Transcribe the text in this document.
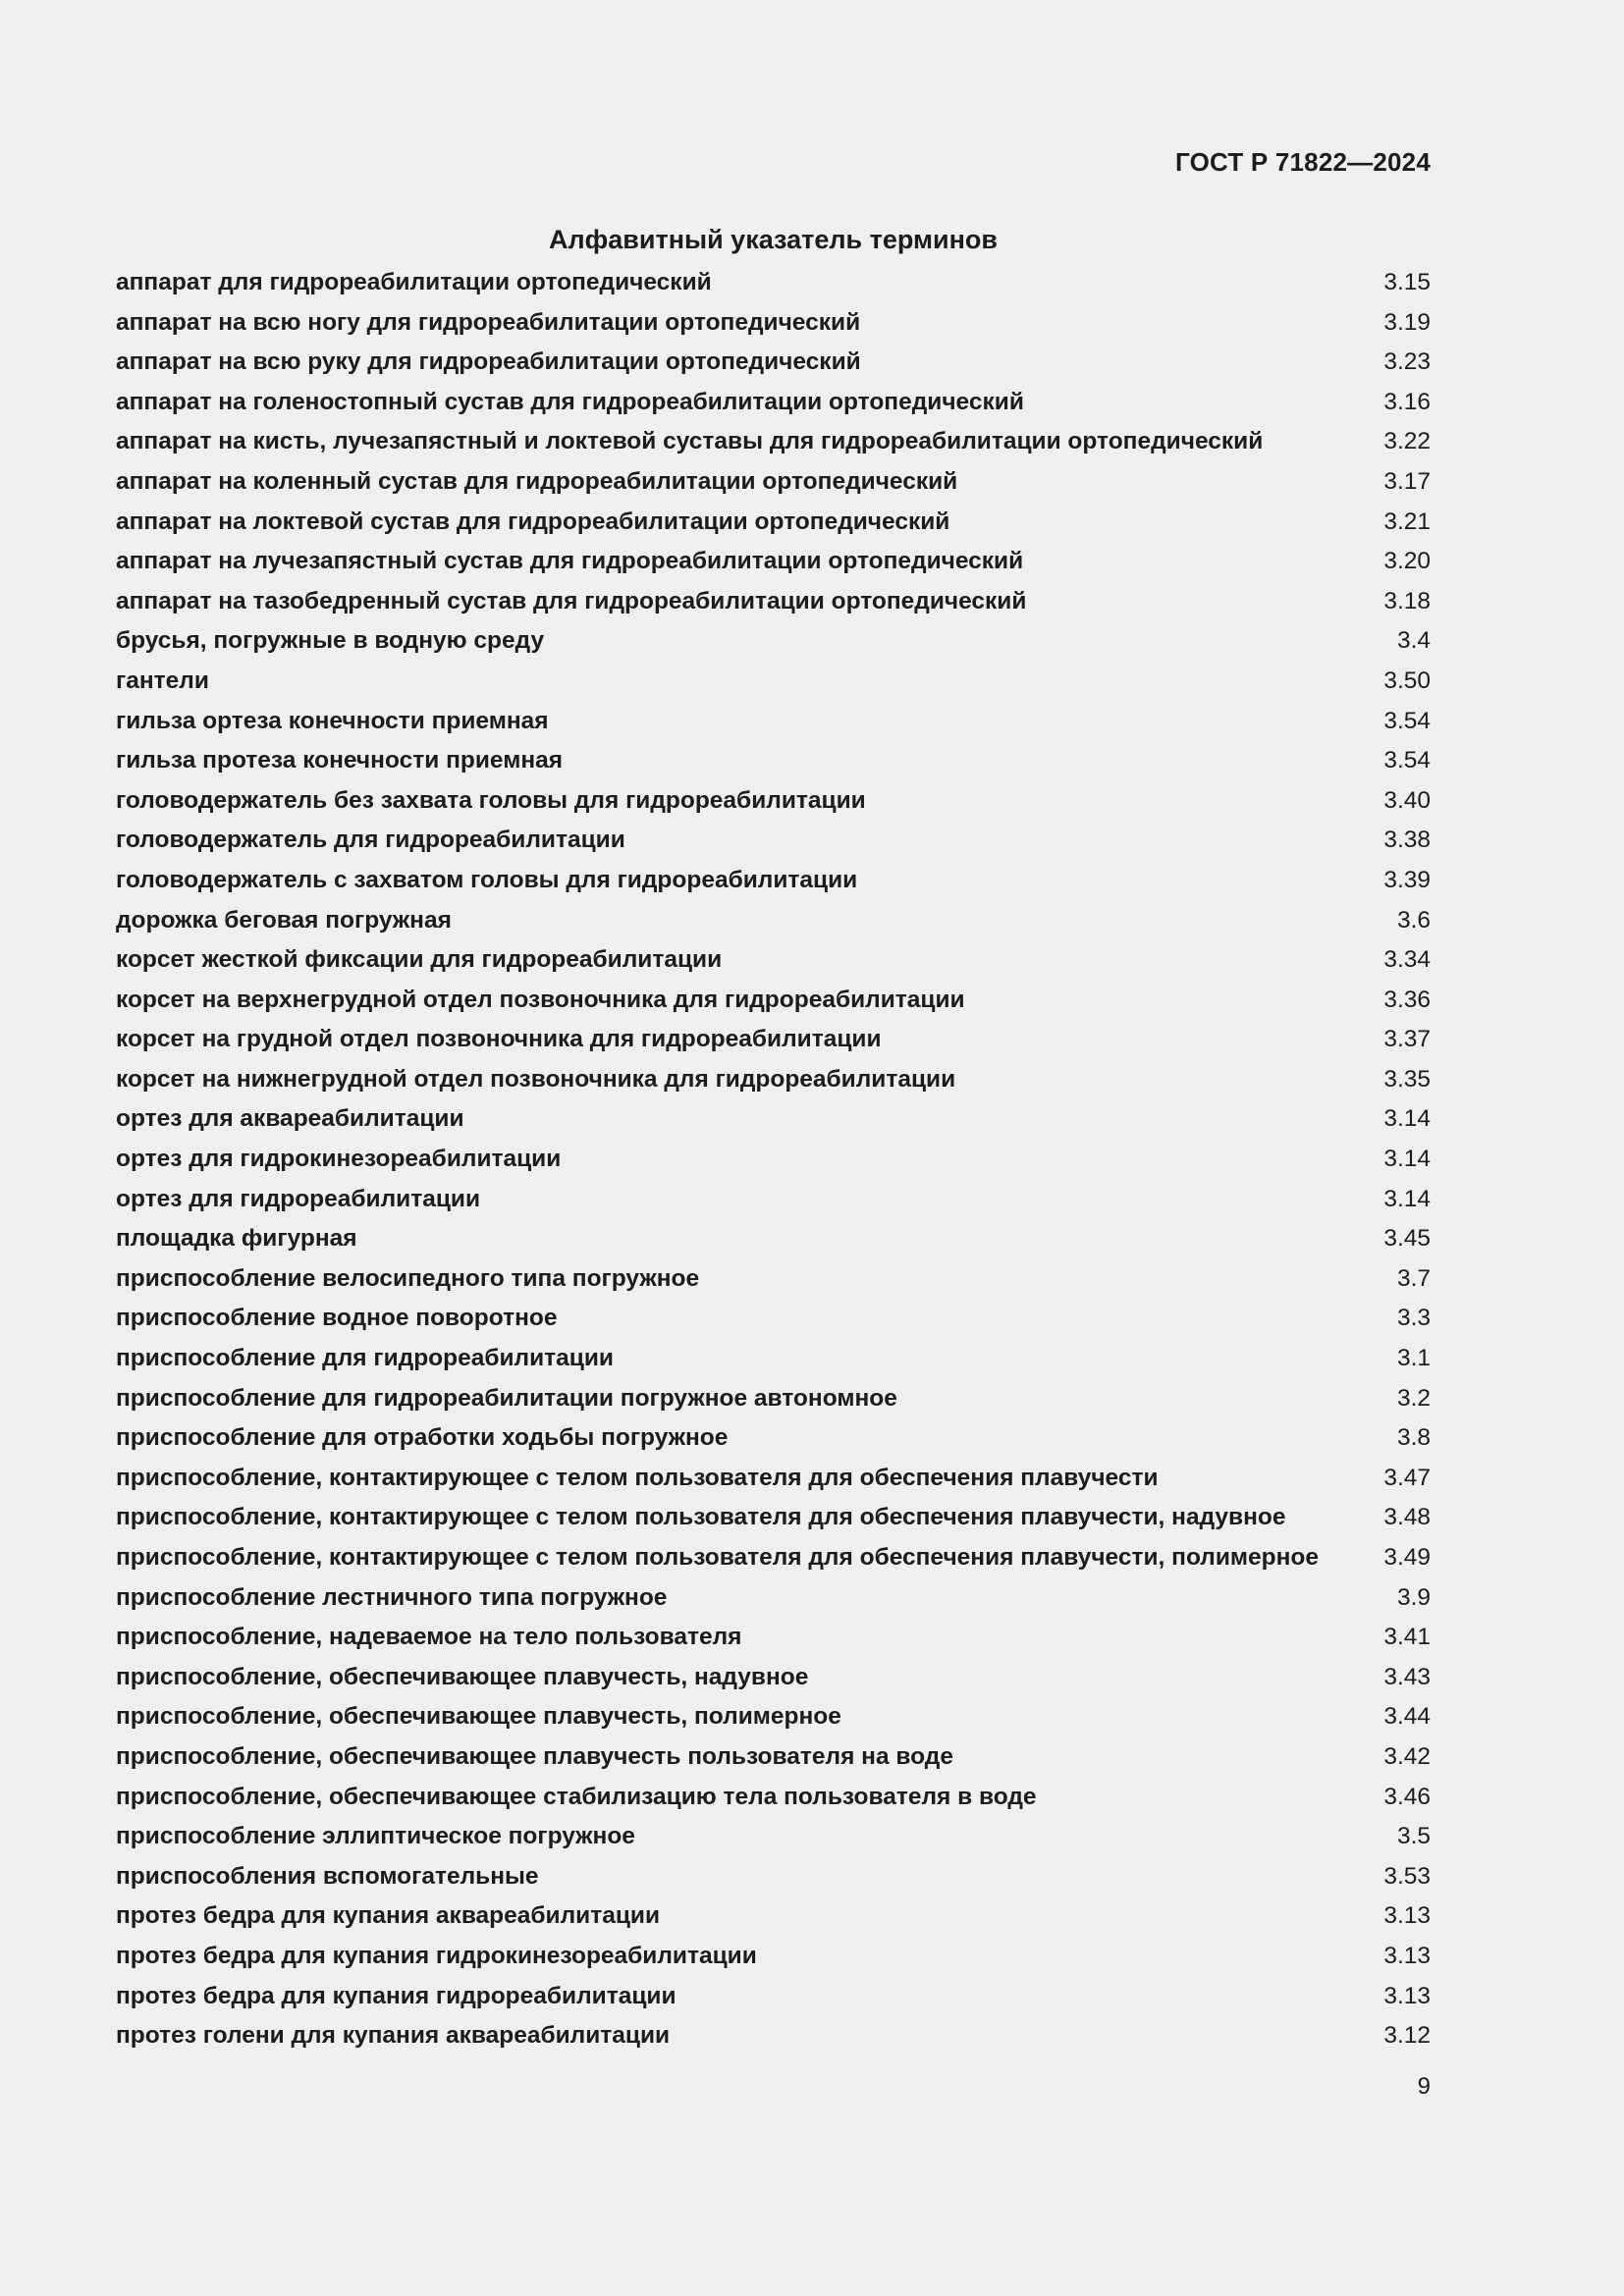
ГОСТ Р 71822—2024
Алфавитный указатель терминов
аппарат для гидрореабилитации ортопедический	3.15
аппарат на всю ногу для гидрореабилитации ортопедический	3.19
аппарат на всю руку для гидрореабилитации ортопедический	3.23
аппарат на голеностопный сустав для гидрореабилитации ортопедический	3.16
аппарат на кисть, лучезапястный и локтевой суставы для гидрореабилитации ортопедический	3.22
аппарат на коленный сустав для гидрореабилитации ортопедический	3.17
аппарат на локтевой сустав для гидрореабилитации ортопедический	3.21
аппарат на лучезапястный сустав для гидрореабилитации ортопедический	3.20
аппарат на тазобедренный сустав для гидрореабилитации ортопедический	3.18
брусья, погружные в водную среду	3.4
гантели	3.50
гильза ортеза конечности приемная	3.54
гильза протеза конечности приемная	3.54
головодержатель без захвата головы для гидрореабилитации	3.40
головодержатель для гидрореабилитации	3.38
головодержатель с захватом головы для гидрореабилитации	3.39
дорожка беговая погружная	3.6
корсет жесткой фиксации для гидрореабилитации	3.34
корсет на верхнегрудной отдел позвоночника для гидрореабилитации	3.36
корсет на грудной отдел позвоночника для гидрореабилитации	3.37
корсет на нижнегрудной отдел позвоночника для гидрореабилитации	3.35
ортез для аквареабилитации	3.14
ортез для гидрокинезореабилитации	3.14
ортез для гидрореабилитации	3.14
площадка фигурная	3.45
приспособление велосипедного типа погружное	3.7
приспособление водное поворотное	3.3
приспособление для гидрореабилитации	3.1
приспособление для гидрореабилитации погружное автономное	3.2
приспособление для отработки ходьбы погружное	3.8
приспособление, контактирующее с телом пользователя для обеспечения плавучести	3.47
приспособление, контактирующее с телом пользователя для обеспечения плавучести, надувное	3.48
приспособление, контактирующее с телом пользователя для обеспечения плавучести, полимерное	3.49
приспособление лестничного типа погружное	3.9
приспособление, надеваемое на тело пользователя	3.41
приспособление, обеспечивающее плавучесть, надувное	3.43
приспособление, обеспечивающее плавучесть, полимерное	3.44
приспособление, обеспечивающее плавучесть пользователя на воде	3.42
приспособление, обеспечивающее стабилизацию тела пользователя в воде	3.46
приспособление эллиптическое погружное	3.5
приспособления вспомогательные	3.53
протез бедра для купания аквареабилитации	3.13
протез бедра для купания гидрокинезореабилитации	3.13
протез бедра для купания гидрореабилитации	3.13
протез голени для купания аквареабилитации	3.12
9
